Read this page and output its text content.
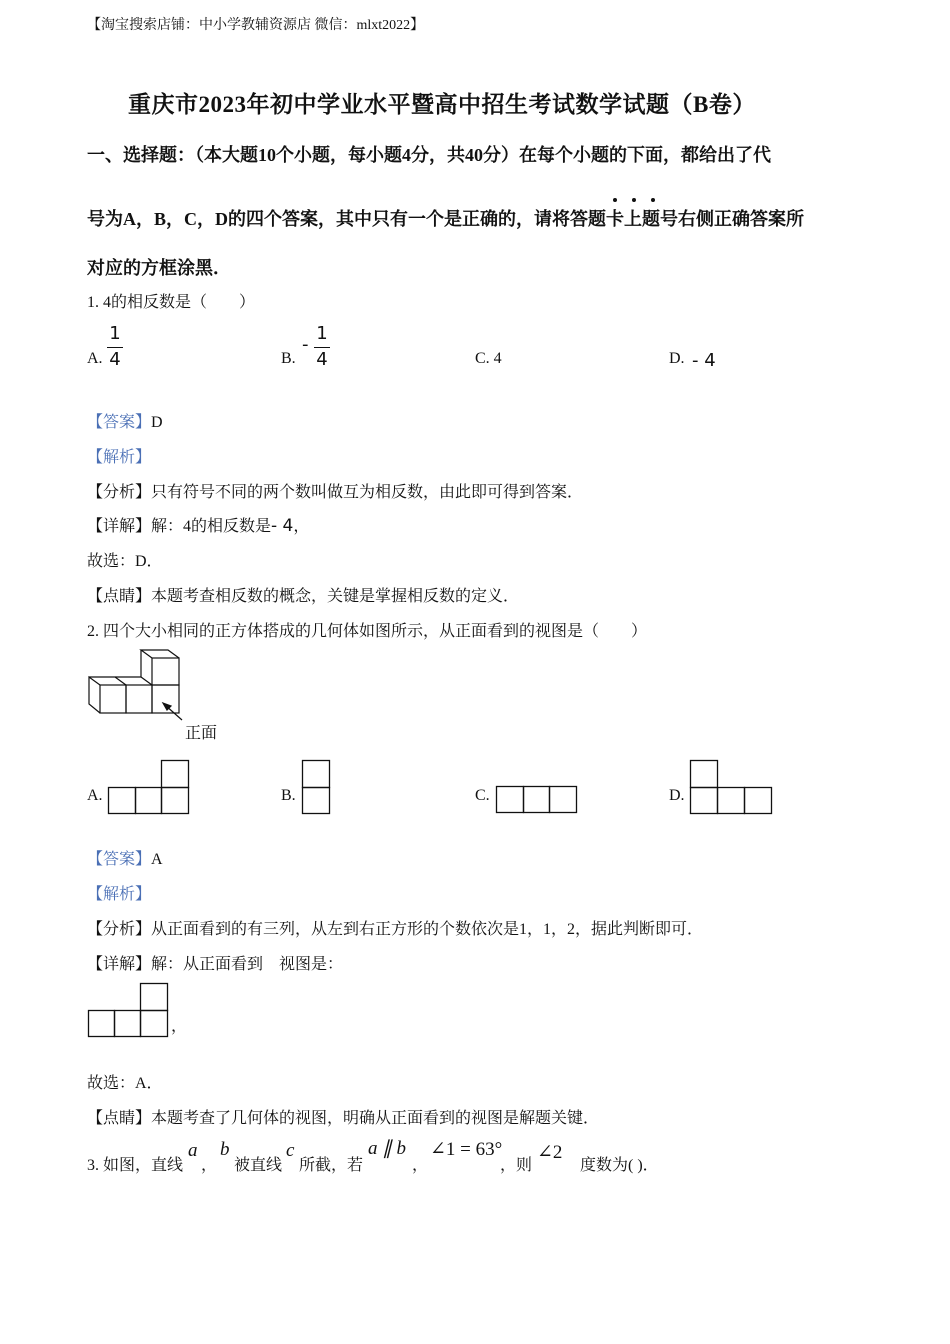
【淘宝搜索店铺：中小学教辅资源店 微信：mlxt2022】
重庆市2023年初中学业水平暨高中招生考试数学试题（B卷）
一、选择题：（本大题10个小题，每小题4分，共40分）在每个小题的下面，都给出了代
号为A，B，C，D的四个答案，其中只有一个是正确的，请将答题卡上题号右侧正确答案所
对应的方框涂黑．
1. 4的相反数是（　　）
A.
1
4	B.
-
1
4	C. 4	D. - 4
【答案】D
【解析】
【分析】只有符号不同的两个数叫做互为相反数，由此即可得到答案．
【详解】解：4的相反数是- 4，
故选：D．
【点睛】本题考查相反数的概念，关键是掌握相反数的定义．
2. 四个大小相同的正方体搭成的几何体如图所示，从正面看到的视图是（　　）
正面
A.	B.	C.	D.
【答案】A
【解析】
【分析】从正面看到的有三列，从左到右正方形的个数依次是1，1，2，据此判断即可．
【详解】解：从正面看到　视图是：
，
故选：A．
【点睛】本题考查了几何体的视图，明确从正面看到的视图是解题关键．
3. 如图，直线
a
，
b
被直线
c
所截，若
a ∥ b
，
∠1 = 63°
，则
∠2
度数为( )．
